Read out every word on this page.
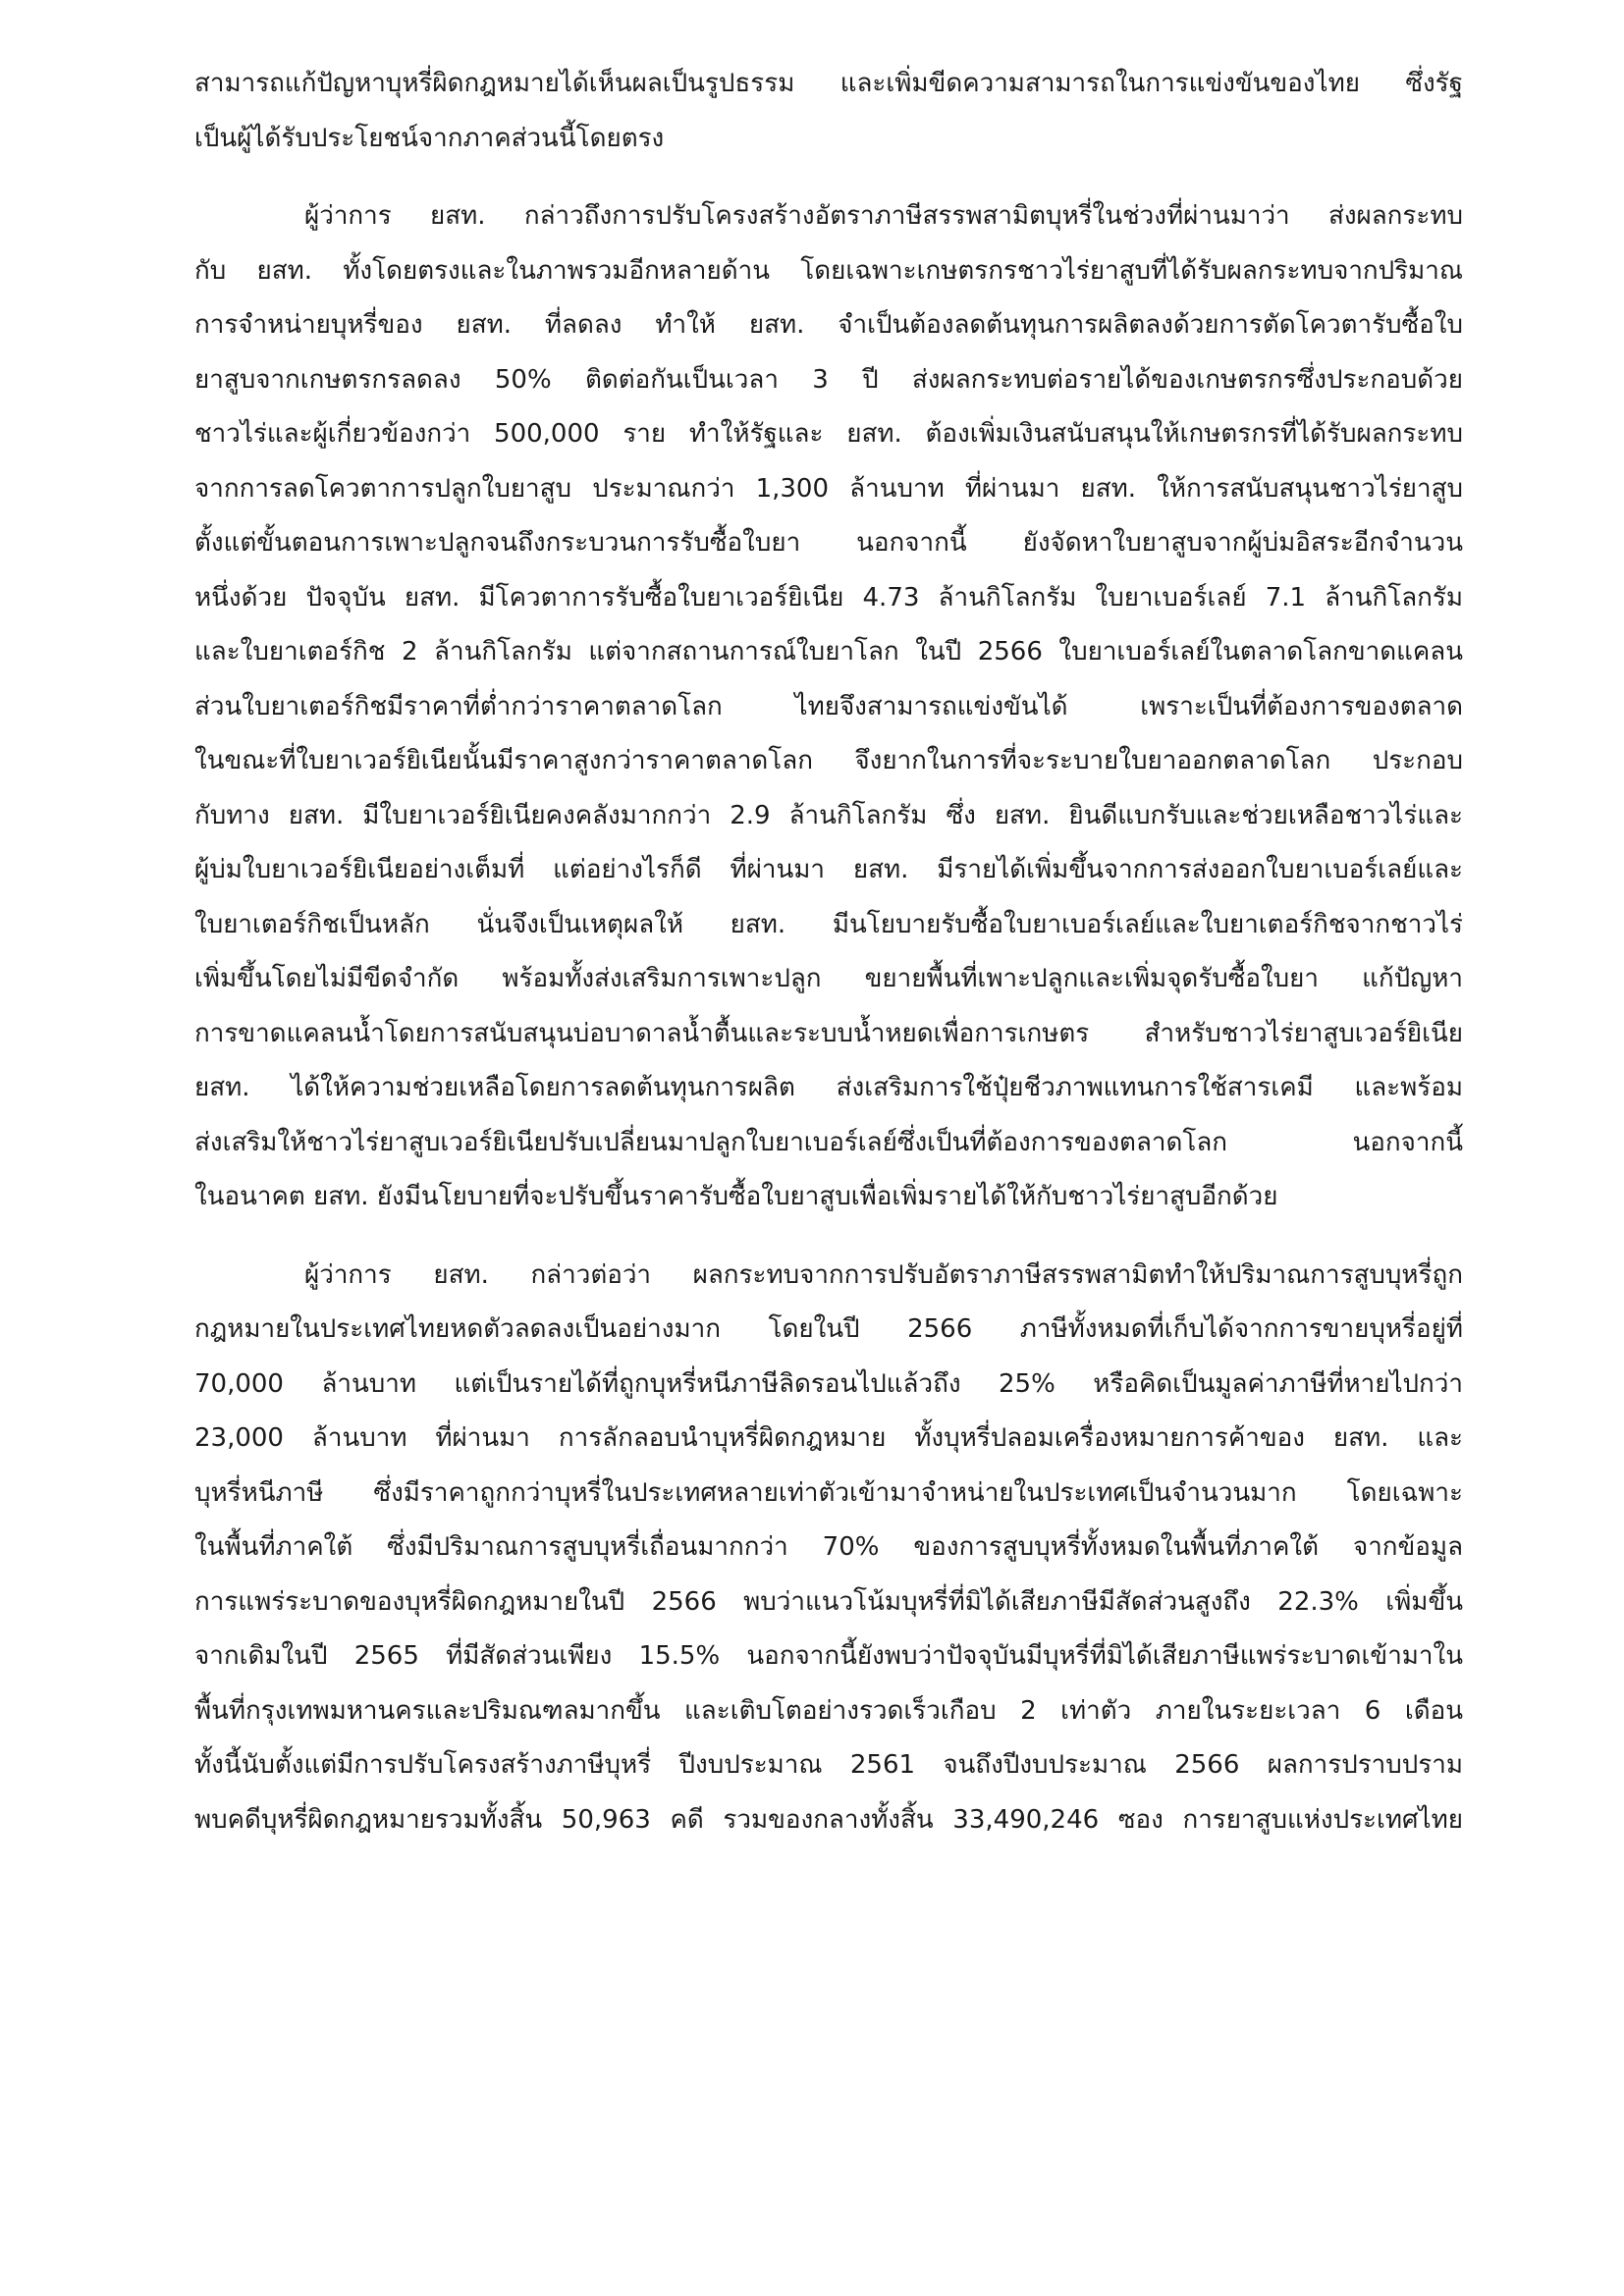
สามารถแก้ปัญหาบุหรี่ผิดกฎหมายได้เห็นผลเป็นรูปธรรม และเพิ่มขีดความสามารถในการแข่งขันของไทย ซึ่งรัฐ
เป็นผู้ได้รับประโยชน์จากภาคส่วนนี้โดยตรง
ผู้ว่าการ ยสท. กล่าวถึงการปรับโครงสร้างอัตราภาษีสรรพสามิตบุหรี่ในช่วงที่ผ่านมาว่า ส่งผลกระทบ
กับ ยสท. ทั้งโดยตรงและในภาพรวมอีกหลายด้าน โดยเฉพาะเกษตรกรชาวไร่ยาสูบที่ได้รับผลกระทบจากปริมาณ
การจำหน่ายบุหรี่ของ ยสท. ที่ลดลง ทำให้ ยสท. จำเป็นต้องลดต้นทุนการผลิตลงด้วยการตัดโควตารับซื้อใบ
ยาสูบจากเกษตรกรลดลง 50% ติดต่อกันเป็นเวลา 3 ปี ส่งผลกระทบต่อรายได้ของเกษตรกรซึ่งประกอบด้วย
ชาวไร่และผู้เกี่ยวข้องกว่า 500,000 ราย ทำให้รัฐและ ยสท. ต้องเพิ่มเงินสนับสนุนให้เกษตรกรที่ได้รับผลกระทบ
จากการลดโควตาการปลูกใบยาสูบ ประมาณกว่า 1,300 ล้านบาท ที่ผ่านมา ยสท. ให้การสนับสนุนชาวไร่ยาสูบ
ตั้งแต่ขั้นตอนการเพาะปลูกจนถึงกระบวนการรับซื้อใบยา นอกจากนี้ ยังจัดหาใบยาสูบจากผู้บ่มอิสระอีกจำนวน
หนึ่งด้วย ปัจจุบัน ยสท. มีโควตาการรับซื้อใบยาเวอร์ยิเนีย 4.73 ล้านกิโลกรัม ใบยาเบอร์เลย์ 7.1 ล้านกิโลกรัม
และใบยาเตอร์กิช 2 ล้านกิโลกรัม แต่จากสถานการณ์ใบยาโลก ในปี 2566 ใบยาเบอร์เลย์ในตลาดโลกขาดแคลน
ส่วนใบยาเตอร์กิชมีราคาที่ต่ำกว่าราคาตลาดโลก ไทยจึงสามารถแข่งขันได้ เพราะเป็นที่ต้องการของตลาด
ในขณะที่ใบยาเวอร์ยิเนียนั้นมีราคาสูงกว่าราคาตลาดโลก จึงยากในการที่จะระบายใบยาออกตลาดโลก ประกอบ
กับทาง ยสท. มีใบยาเวอร์ยิเนียคงคลังมากกว่า 2.9 ล้านกิโลกรัม ซึ่ง ยสท. ยินดีแบกรับและช่วยเหลือชาวไร่และ
ผู้บ่มใบยาเวอร์ยิเนียอย่างเต็มที่ แต่อย่างไรก็ดี ที่ผ่านมา ยสท. มีรายได้เพิ่มขึ้นจากการส่งออกใบยาเบอร์เลย์และ
ใบยาเตอร์กิชเป็นหลัก นั่นจึงเป็นเหตุผลให้ ยสท. มีนโยบายรับซื้อใบยาเบอร์เลย์และใบยาเตอร์กิชจากชาวไร่
เพิ่มขึ้นโดยไม่มีขีดจำกัด พร้อมทั้งส่งเสริมการเพาะปลูก ขยายพื้นที่เพาะปลูกและเพิ่มจุดรับซื้อใบยา แก้ปัญหา
การขาดแคลนน้ำโดยการสนับสนุนบ่อบาดาลน้ำตื้นและระบบน้ำหยดเพื่อการเกษตร สำหรับชาวไร่ยาสูบเวอร์ยิเนีย
ยสท. ได้ให้ความช่วยเหลือโดยการลดต้นทุนการผลิต ส่งเสริมการใช้ปุ๋ยชีวภาพแทนการใช้สารเคมี และพร้อม
ส่งเสริมให้ชาวไร่ยาสูบเวอร์ยิเนียปรับเปลี่ยนมาปลูกใบยาเบอร์เลย์ซึ่งเป็นที่ต้องการของตลาดโลก นอกจากนี้
ในอนาคต ยสท. ยังมีนโยบายที่จะปรับขึ้นราคารับซื้อใบยาสูบเพื่อเพิ่มรายได้ให้กับชาวไร่ยาสูบอีกด้วย
ผู้ว่าการ ยสท. กล่าวต่อว่า ผลกระทบจากการปรับอัตราภาษีสรรพสามิตทำให้ปริมาณการสูบบุหรี่ถูก
กฎหมายในประเทศไทยหดตัวลดลงเป็นอย่างมาก โดยในปี 2566 ภาษีทั้งหมดที่เก็บได้จากการขายบุหรี่อยู่ที่
70,000 ล้านบาท แต่เป็นรายได้ที่ถูกบุหรี่หนีภาษีลิดรอนไปแล้วถึง 25% หรือคิดเป็นมูลค่าภาษีที่หายไปกว่า
23,000 ล้านบาท ที่ผ่านมา การลักลอบนำบุหรี่ผิดกฎหมาย ทั้งบุหรี่ปลอมเครื่องหมายการค้าของ ยสท. และ
บุหรี่หนีภาษี ซึ่งมีราคาถูกกว่าบุหรี่ในประเทศหลายเท่าตัวเข้ามาจำหน่ายในประเทศเป็นจำนวนมาก โดยเฉพาะ
ในพื้นที่ภาคใต้ ซึ่งมีปริมาณการสูบบุหรี่เถื่อนมากกว่า 70% ของการสูบบุหรี่ทั้งหมดในพื้นที่ภาคใต้ จากข้อมูล
การแพร่ระบาดของบุหรี่ผิดกฎหมายในปี 2566 พบว่าแนวโน้มบุหรี่ที่มิได้เสียภาษีมีสัดส่วนสูงถึง 22.3% เพิ่มขึ้น
จากเดิมในปี 2565 ที่มีสัดส่วนเพียง 15.5% นอกจากนี้ยังพบว่าปัจจุบันมีบุหรี่ที่มิได้เสียภาษีแพร่ระบาดเข้ามาใน
พื้นที่กรุงเทพมหานครและปริมณฑลมากขึ้น และเติบโตอย่างรวดเร็วเกือบ 2 เท่าตัว ภายในระยะเวลา 6 เดือน
ทั้งนี้นับตั้งแต่มีการปรับโครงสร้างภาษีบุหรี่ ปีงบประมาณ 2561 จนถึงปีงบประมาณ 2566 ผลการปราบปราม
พบคดีบุหรี่ผิดกฎหมายรวมทั้งสิ้น 50,963 คดี รวมของกลางทั้งสิ้น 33,490,246 ซอง การยาสูบแห่งประเทศไทย
